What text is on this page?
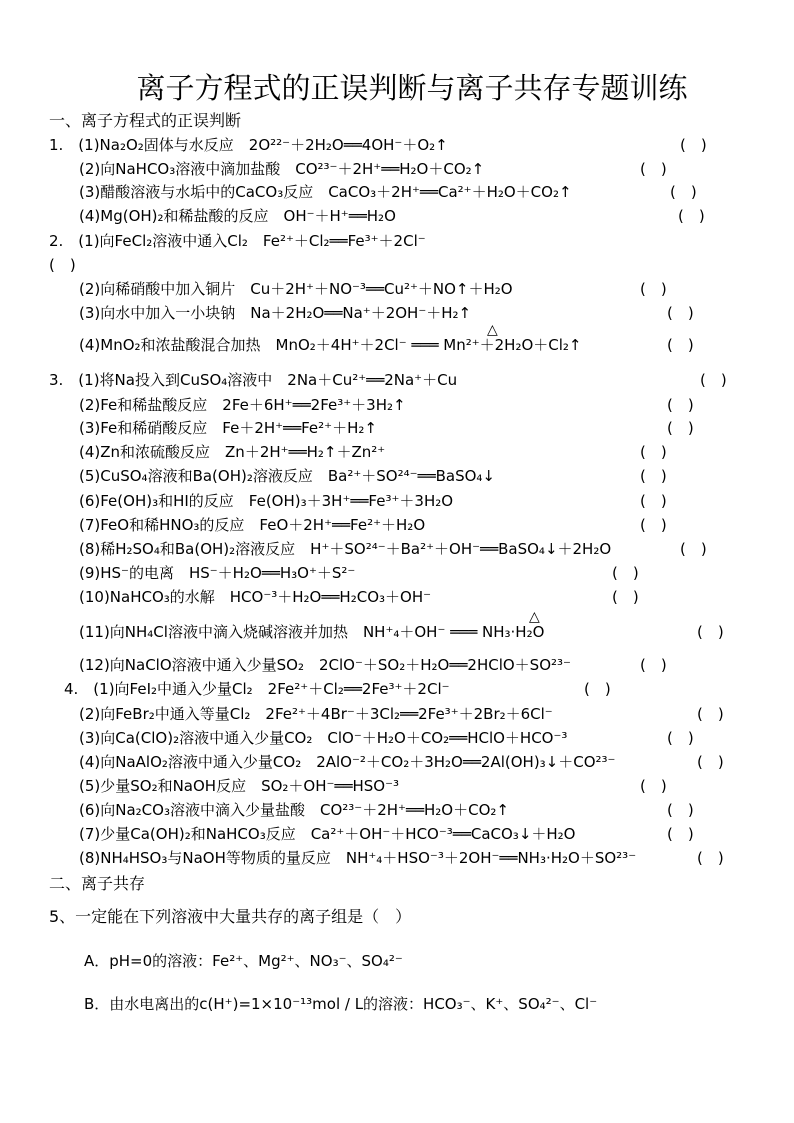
离子方程式的正误判断与离子共存专题训练
一、离子方程式的正误判断
1.　(1)Na₂O₂固体与水反应　2O²²⁻＋2H₂O══4OH⁻＋O₂↑	(　)
　　(2)向NaHCO₃溶液中滴加盐酸　CO²³⁻＋2H⁺══H₂O＋CO₂↑	(　)
　　(3)醋酸溶液与水垢中的CaCO₃反应　CaCO₃＋2H⁺══Ca²⁺＋H₂O＋CO₂↑	(　)
　　(4)Mg(OH)₂和稀盐酸的反应　OH⁻＋H⁺══H₂O	(　)
2.　(1)向FeCl₂溶液中通入Cl₂　Fe²⁺＋Cl₂══Fe³⁺＋2Cl⁻
(　)
　　(2)向稀硝酸中加入铜片　Cu＋2H⁺＋NO⁻³══Cu²⁺＋NO↑＋H₂O	(　)
　　(3)向水中加入一小块钠　Na＋2H₂O══Na⁺＋2OH⁻＋H₂↑	(　)
　　(4)MnO₂和浓盐酸混合加热　MnO₂＋4H⁺＋2Cl⁻ ═══ Mn²⁺＋2H₂O＋Cl₂↑	(　)
3.　(1)将Na投入到CuSO₄溶液中　2Na＋Cu²⁺══2Na⁺＋Cu	(　)
　　(2)Fe和稀盐酸反应　2Fe＋6H⁺══2Fe³⁺＋3H₂↑	(　)
　　(3)Fe和稀硝酸反应　Fe＋2H⁺══Fe²⁺＋H₂↑	(　)
　　(4)Zn和浓硫酸反应　Zn＋2H⁺══H₂↑＋Zn²⁺	(　)
　　(5)CuSO₄溶液和Ba(OH)₂溶液反应　Ba²⁺＋SO²⁴⁻══BaSO₄↓	(　)
　　(6)Fe(OH)₃和HI的反应　Fe(OH)₃＋3H⁺══Fe³⁺＋3H₂O	(　)
　　(7)FeO和稀HNO₃的反应　FeO＋2H⁺══Fe²⁺＋H₂O	(　)
　　(8)稀H₂SO₄和Ba(OH)₂溶液反应　H⁺＋SO²⁴⁻＋Ba²⁺＋OH⁻══BaSO₄↓＋2H₂O	(　)
　　(9)HS⁻的电离　HS⁻＋H₂O══H₃O⁺＋S²⁻	(　)
　　(10)NaHCO₃的水解　HCO⁻³＋H₂O══H₂CO₃＋OH⁻	(　)
　　(11)向NH₄Cl溶液中滴入烧碱溶液并加热　NH⁺₄＋OH⁻ ═══ NH₃·H₂O	(　)
　　(12)向NaClO溶液中通入少量SO₂　2ClO⁻＋SO₂＋H₂O══2HClO＋SO²³⁻	(　)
　4.　(1)向FeI₂中通入少量Cl₂　2Fe²⁺＋Cl₂══2Fe³⁺＋2Cl⁻	(　)
　　(2)向FeBr₂中通入等量Cl₂　2Fe²⁺＋4Br⁻＋3Cl₂══2Fe³⁺＋2Br₂＋6Cl⁻	(　)
　　(3)向Ca(ClO)₂溶液中通入少量CO₂　ClO⁻＋H₂O＋CO₂══HClO＋HCO⁻³	(　)
　　(4)向NaAlO₂溶液中通入少量CO₂　2AlO⁻²＋CO₂＋3H₂O══2Al(OH)₃↓＋CO²³⁻	(　)
　　(5)少量SO₂和NaOH反应　SO₂＋OH⁻══HSO⁻³	(　)
　　(6)向Na₂CO₃溶液中滴入少量盐酸　CO²³⁻＋2H⁺══H₂O＋CO₂↑	(　)
　　(7)少量Ca(OH)₂和NaHCO₃反应　Ca²⁺＋OH⁻＋HCO⁻³══CaCO₃↓＋H₂O	(　)
　　(8)NH₄HSO₃与NaOH等物质的量反应　NH⁺₄＋HSO⁻³＋2OH⁻══NH₃·H₂O＋SO²³⁻	(　)
△
△
二、离子共存
5、一定能在下列溶液中大量共存的离子组是（　）
A．pH=0的溶液：Fe²⁺、Mg²⁺、NO₃⁻、SO₄²⁻
B．由水电离出的c(H⁺)=1×10⁻¹³mol / L的溶液：HCO₃⁻、K⁺、SO₄²⁻、Cl⁻
